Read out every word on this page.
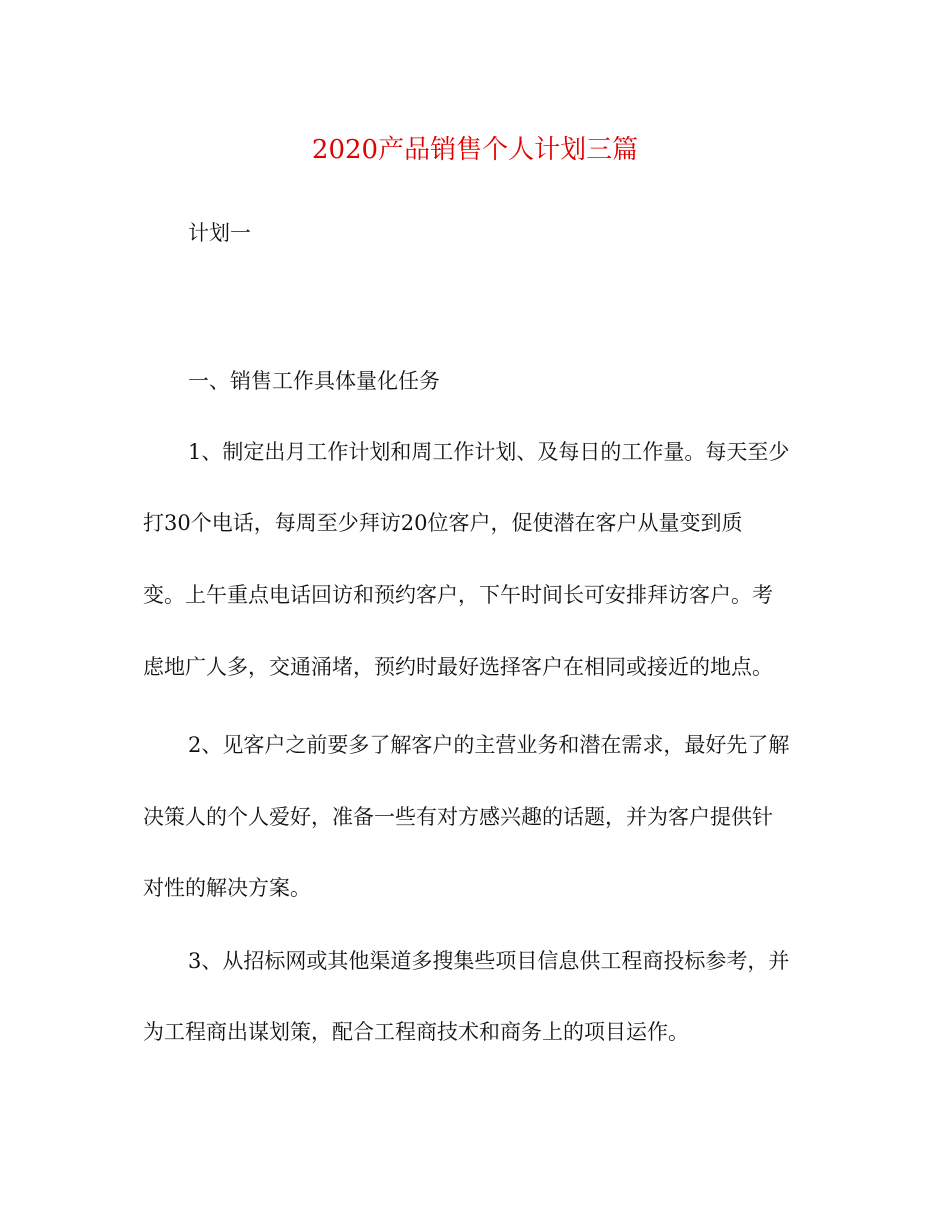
2020产品销售个人计划三篇
计划一
一、销售工作具体量化任务
1、制定出月工作计划和周工作计划、及每日的工作量。每天至少
打30个电话，每周至少拜访20位客户，促使潜在客户从量变到质
变。上午重点电话回访和预约客户，下午时间长可安排拜访客户。考
虑地广人多，交通涌堵，预约时最好选择客户在相同或接近的地点。
2、见客户之前要多了解客户的主营业务和潜在需求，最好先了解
决策人的个人爱好，准备一些有对方感兴趣的话题，并为客户提供针
对性的解决方案。
3、从招标网或其他渠道多搜集些项目信息供工程商投标参考，并
为工程商出谋划策，配合工程商技术和商务上的项目运作。
